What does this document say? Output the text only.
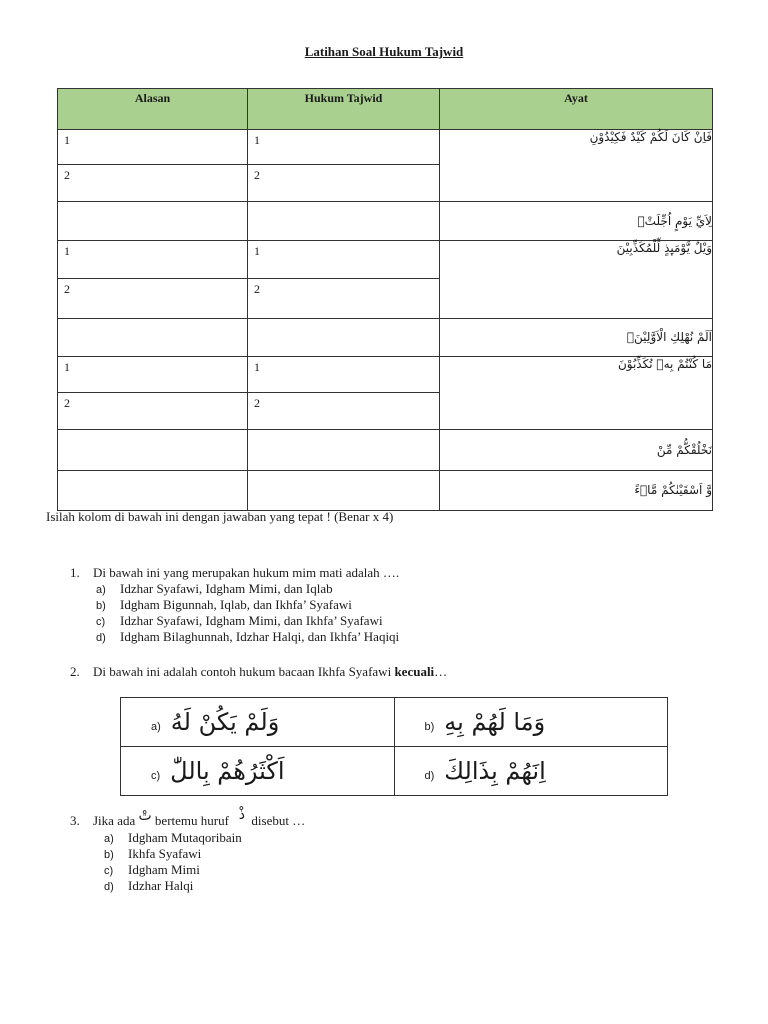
Latihan Soal Hukum Tajwid
Alasan	Hukum Tajwid	Ayat

1	1	فَاِنْ كَانَ لَكُمْ كَيْدٌ فَكِيْدُوْنِ

2	2	

		لِاَيِّ يَوْمٍ اُجِّلَتْۗ

1	1	وَيْلٌ يَّوْمَىِٕذٍ لِّلْمُكَذِّبِيْنَ

2	2	

		اَلَمْ نُهْلِكِ الْاَوَّلِيْنَۗ

1	1	مَا كُنْتُمْ بِهٖ تُكَذِّبُوْنَ

2	2	

		نَخْلُقْكُّمْ مِّنْ
		وَّ اَسْقَيْنٰكُمْ مَّاۤءً
Isilah kolom di bawah ini dengan jawaban yang tepat ! (Benar x 4)
1. Di bawah ini yang merupakan hukum mim mati adalah ….
a) Idzhar Syafawi, Idgham Mimi, dan Iqlab
b) Idgham Bigunnah, Iqlab, dan Ikhfa’ Syafawi
c) Idzhar Syafawi, Idgham Mimi, dan Ikhfa’ Syafawi
d) Idgham Bilaghunnah, Idzhar Halqi, dan Ikhfa’ Haqiqi
2. Di bawah ini adalah contoh hukum bacaan Ikhfa Syafawi kecuali…
a) وَلَمْ يَكُنْ لَهُ	b) وَمَا لَهُمْ بِهِ
c) اَكْثَرُهُمْ بِاللّٰ	d) اِنَهُمْ بِذَالِكَ
3. Jika ada تْ bertemu huruf ذْ disebut …
a) Idgham Mutaqoribain
b) Ikhfa Syafawi
c) Idgham Mimi
d) Idzhar Halqi
